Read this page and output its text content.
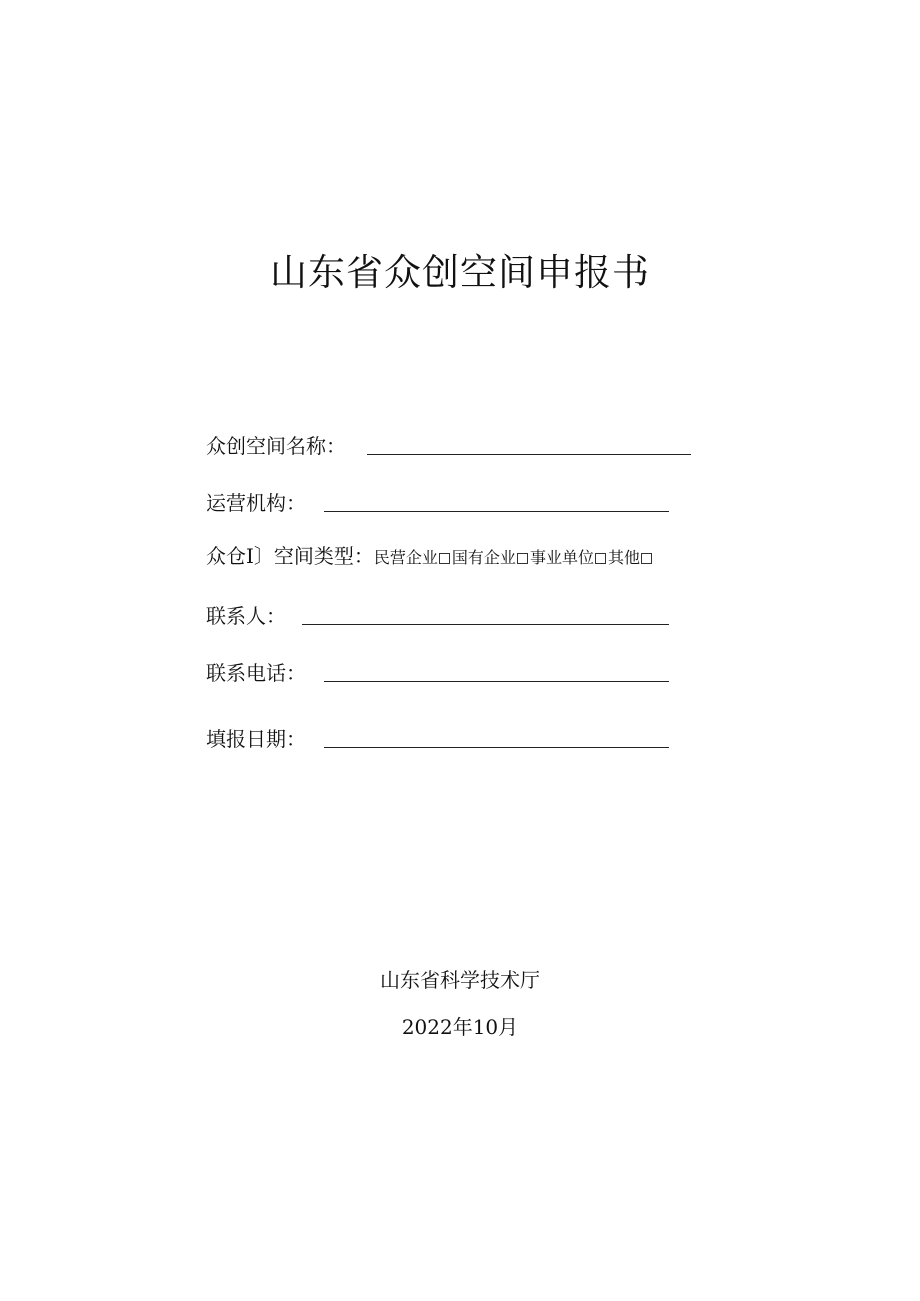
山东省众创空间申报书
众创空间名称：
运营机构：
众仓I〕空间类型： 民营企业 国有企业 事业单位 其他
联系人：
联系电话：
填报日期：
山东省科学技术厅
2022年10月
